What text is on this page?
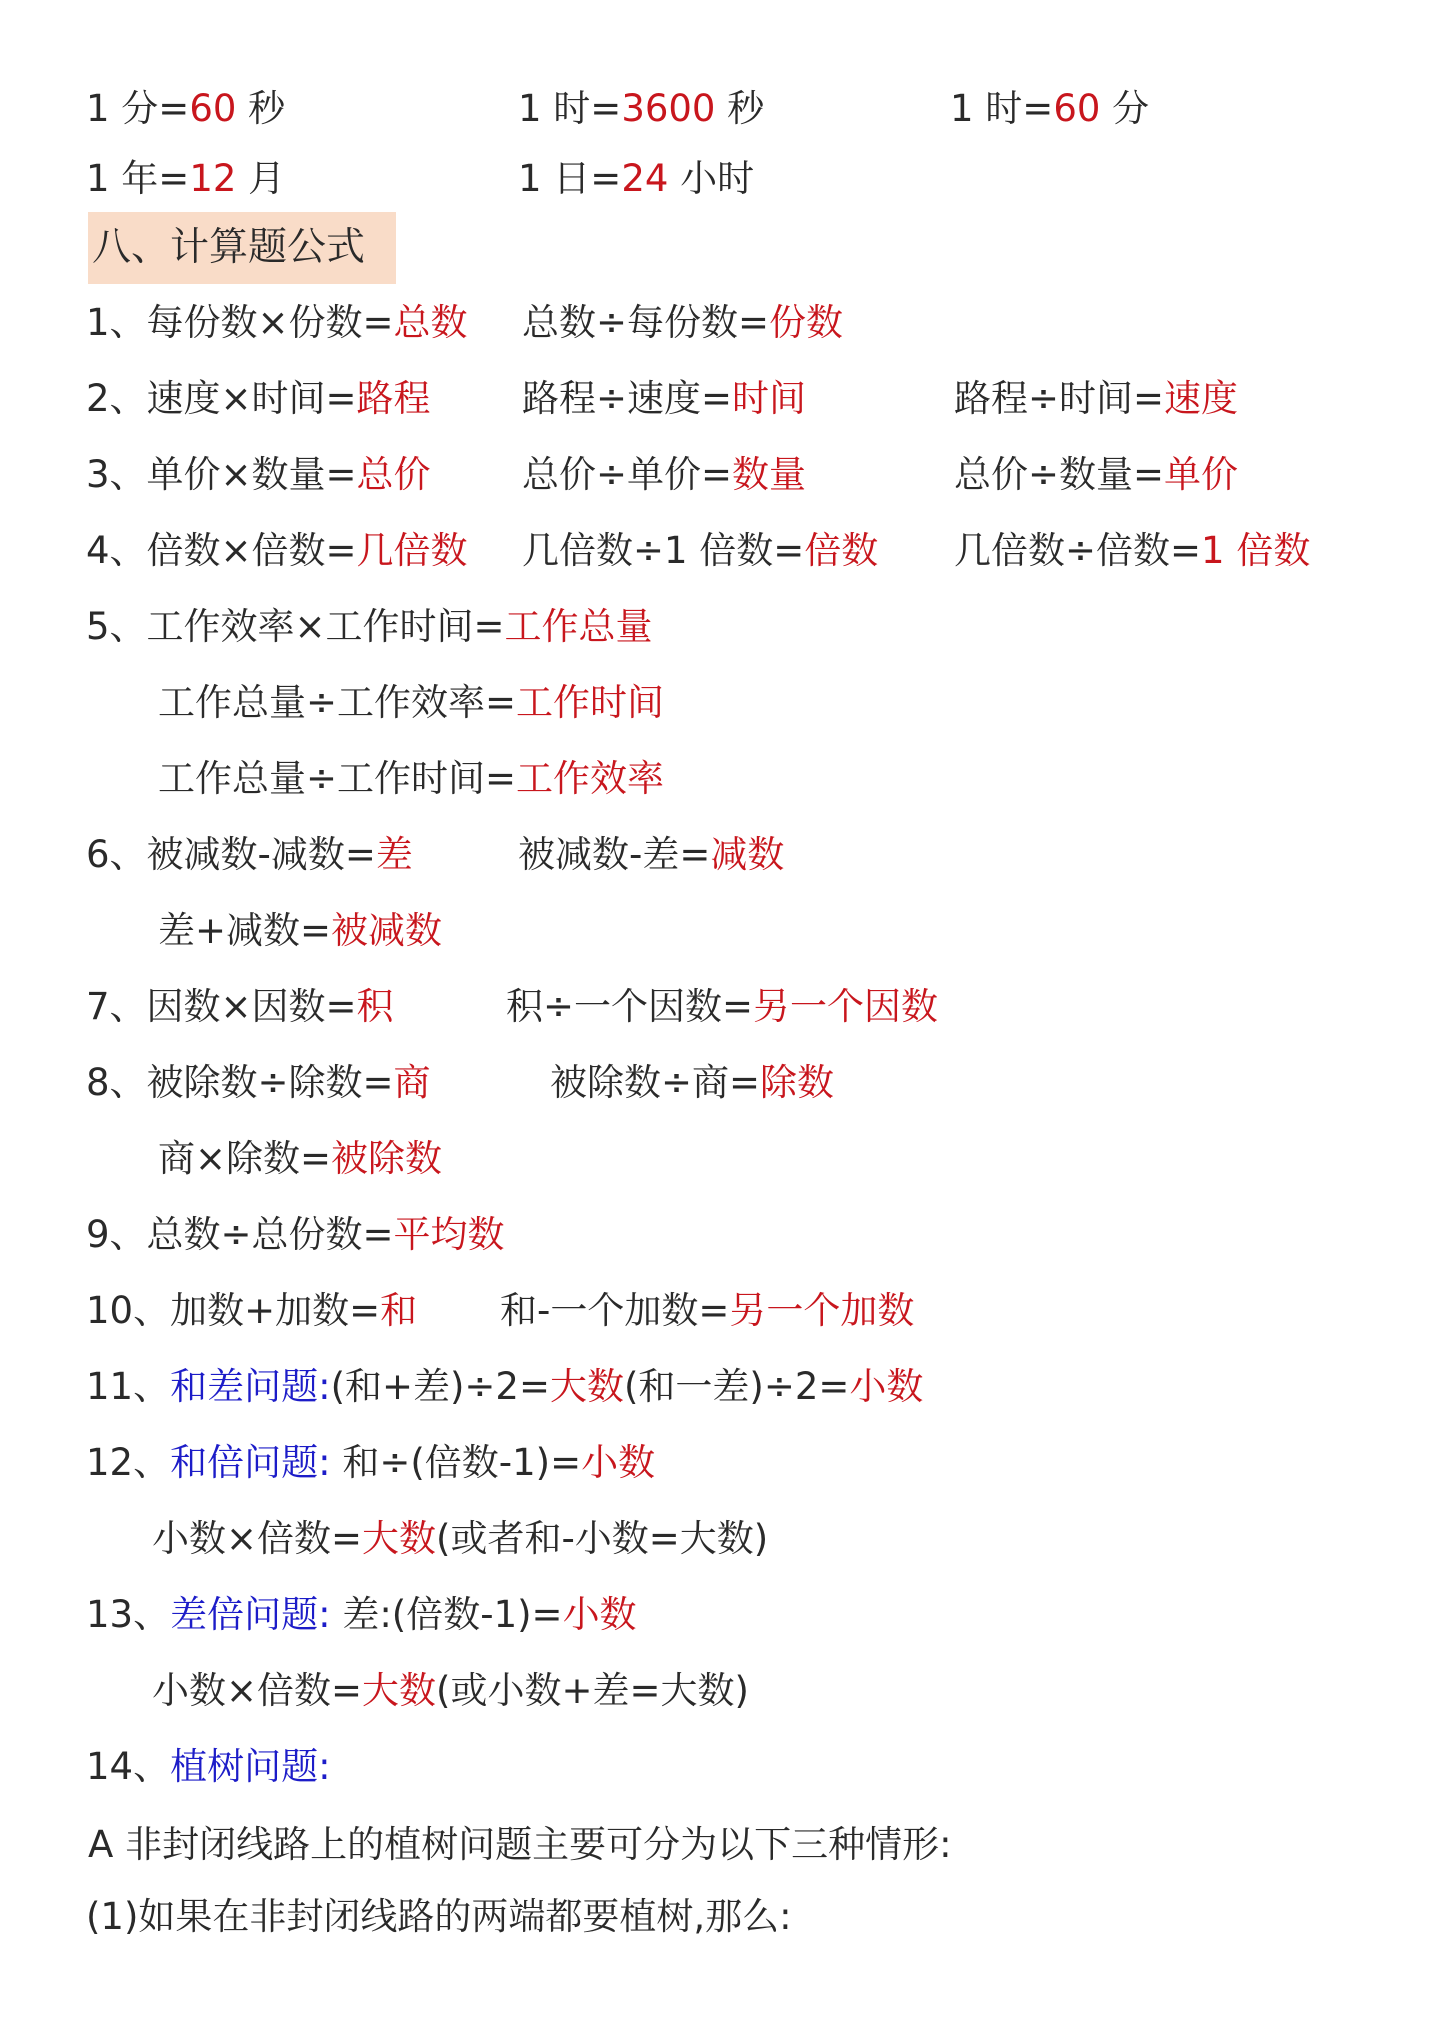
1 分=60 秒	1 时=3600 秒	1 时=60 分
1 年=12 月	1 日=24 小时
八、计算题公式
1、每份数×份数=总数 总数÷每份数=份数
2、速度×时间=路程 路程÷速度=时间	路程÷时间=速度
3、单价×数量=总价 总价÷单价=数量	总价÷数量=单价
4、倍数×倍数=几倍数 几倍数÷1 倍数=倍数 几倍数÷倍数=1 倍数
5、工作效率×工作时间=工作总量
工作总量÷工作效率=工作时间
工作总量÷工作时间=工作效率
6、被减数-减数=差	被减数-差=减数
差+减数=被减数
7、因数×因数=积	积÷一个因数=另一个因数
8、被除数÷除数=商	被除数÷商=除数
商×除数=被除数
9、总数÷总份数=平均数
10、加数+加数=和 和-一个加数=另一个加数
11、和差问题:(和+差)÷2=大数(和一差)÷2=小数
12、和倍问题: 和÷(倍数-1)=小数
小数×倍数=大数(或者和-小数=大数)
13、差倍问题: 差:(倍数-1)=小数
小数×倍数=大数(或小数+差=大数)
14、植树问题:
A 非封闭线路上的植树问题主要可分为以下三种情形:
(1)如果在非封闭线路的两端都要植树,那么:
